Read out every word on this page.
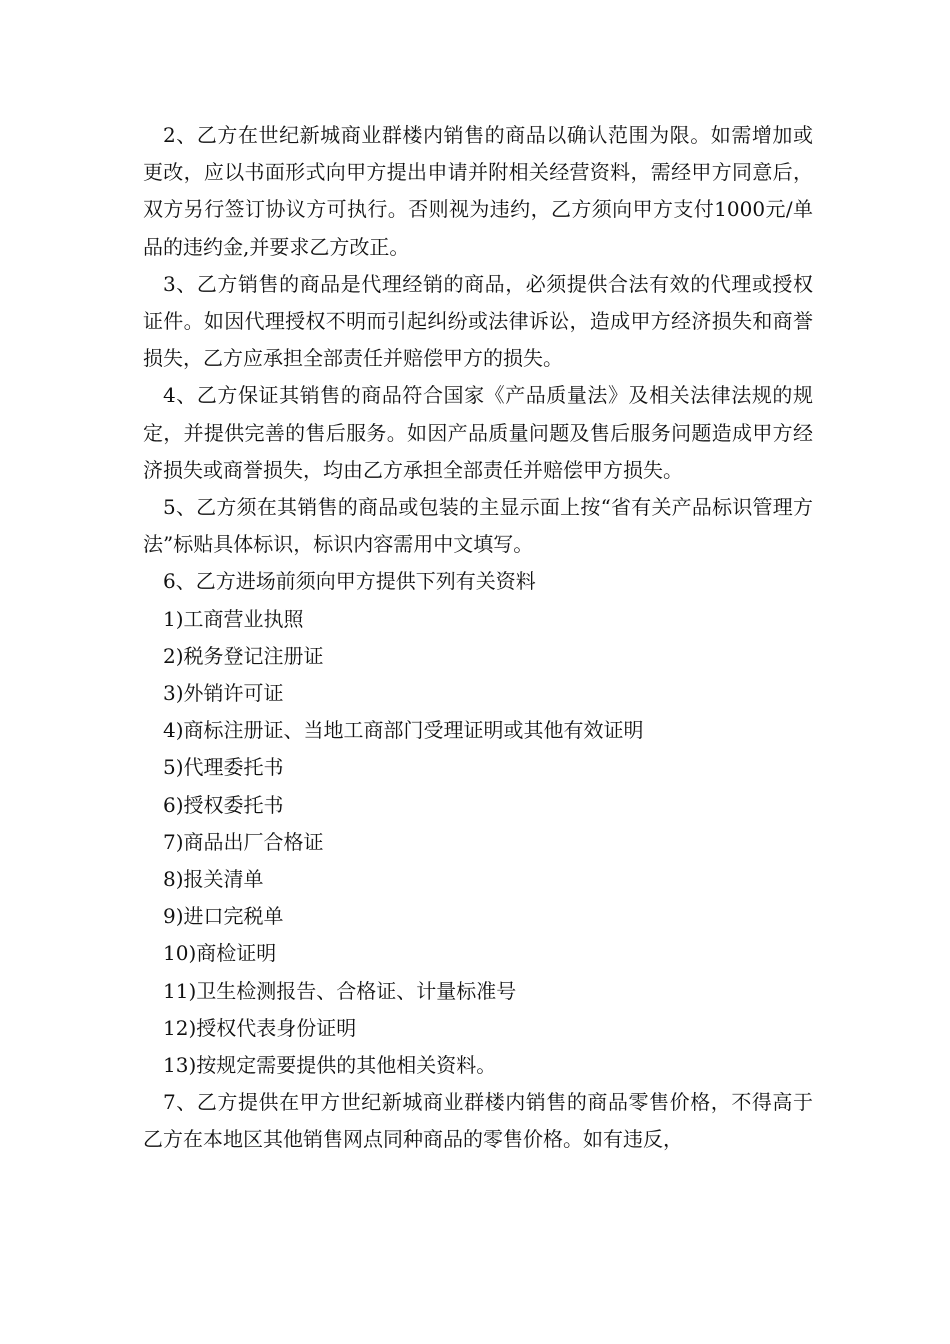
2、乙方在世纪新城商业群楼内销售的商品以确认范围为限。如需增加或更改，应以书面形式向甲方提出申请并附相关经营资料，需经甲方同意后，双方另行签订协议方可执行。否则视为违约，乙方须向甲方支付1000元/单品的违约金,并要求乙方改正。

3、乙方销售的商品是代理经销的商品，必须提供合法有效的代理或授权证件。如因代理授权不明而引起纠纷或法律诉讼，造成甲方经济损失和商誉损失，乙方应承担全部责任并赔偿甲方的损失。

4、乙方保证其销售的商品符合国家《产品质量法》及相关法律法规的规定，并提供完善的售后服务。如因产品质量问题及售后服务问题造成甲方经济损失或商誉损失，均由乙方承担全部责任并赔偿甲方损失。

5、乙方须在其销售的商品或包装的主显示面上按“省有关产品标识管理方法”标贴具体标识，标识内容需用中文填写。

6、乙方进场前须向甲方提供下列有关资料

1)工商营业执照

2)税务登记注册证

3)外销许可证

4)商标注册证、当地工商部门受理证明或其他有效证明

5)代理委托书

6)授权委托书

7)商品出厂合格证

8)报关清单

9)进口完税单

10)商检证明

11)卫生检测报告、合格证、计量标准号

12)授权代表身份证明

13)按规定需要提供的其他相关资料。

7、乙方提供在甲方世纪新城商业群楼内销售的商品零售价格，不得高于乙方在本地区其他销售网点同种商品的零售价格。如有违反，
